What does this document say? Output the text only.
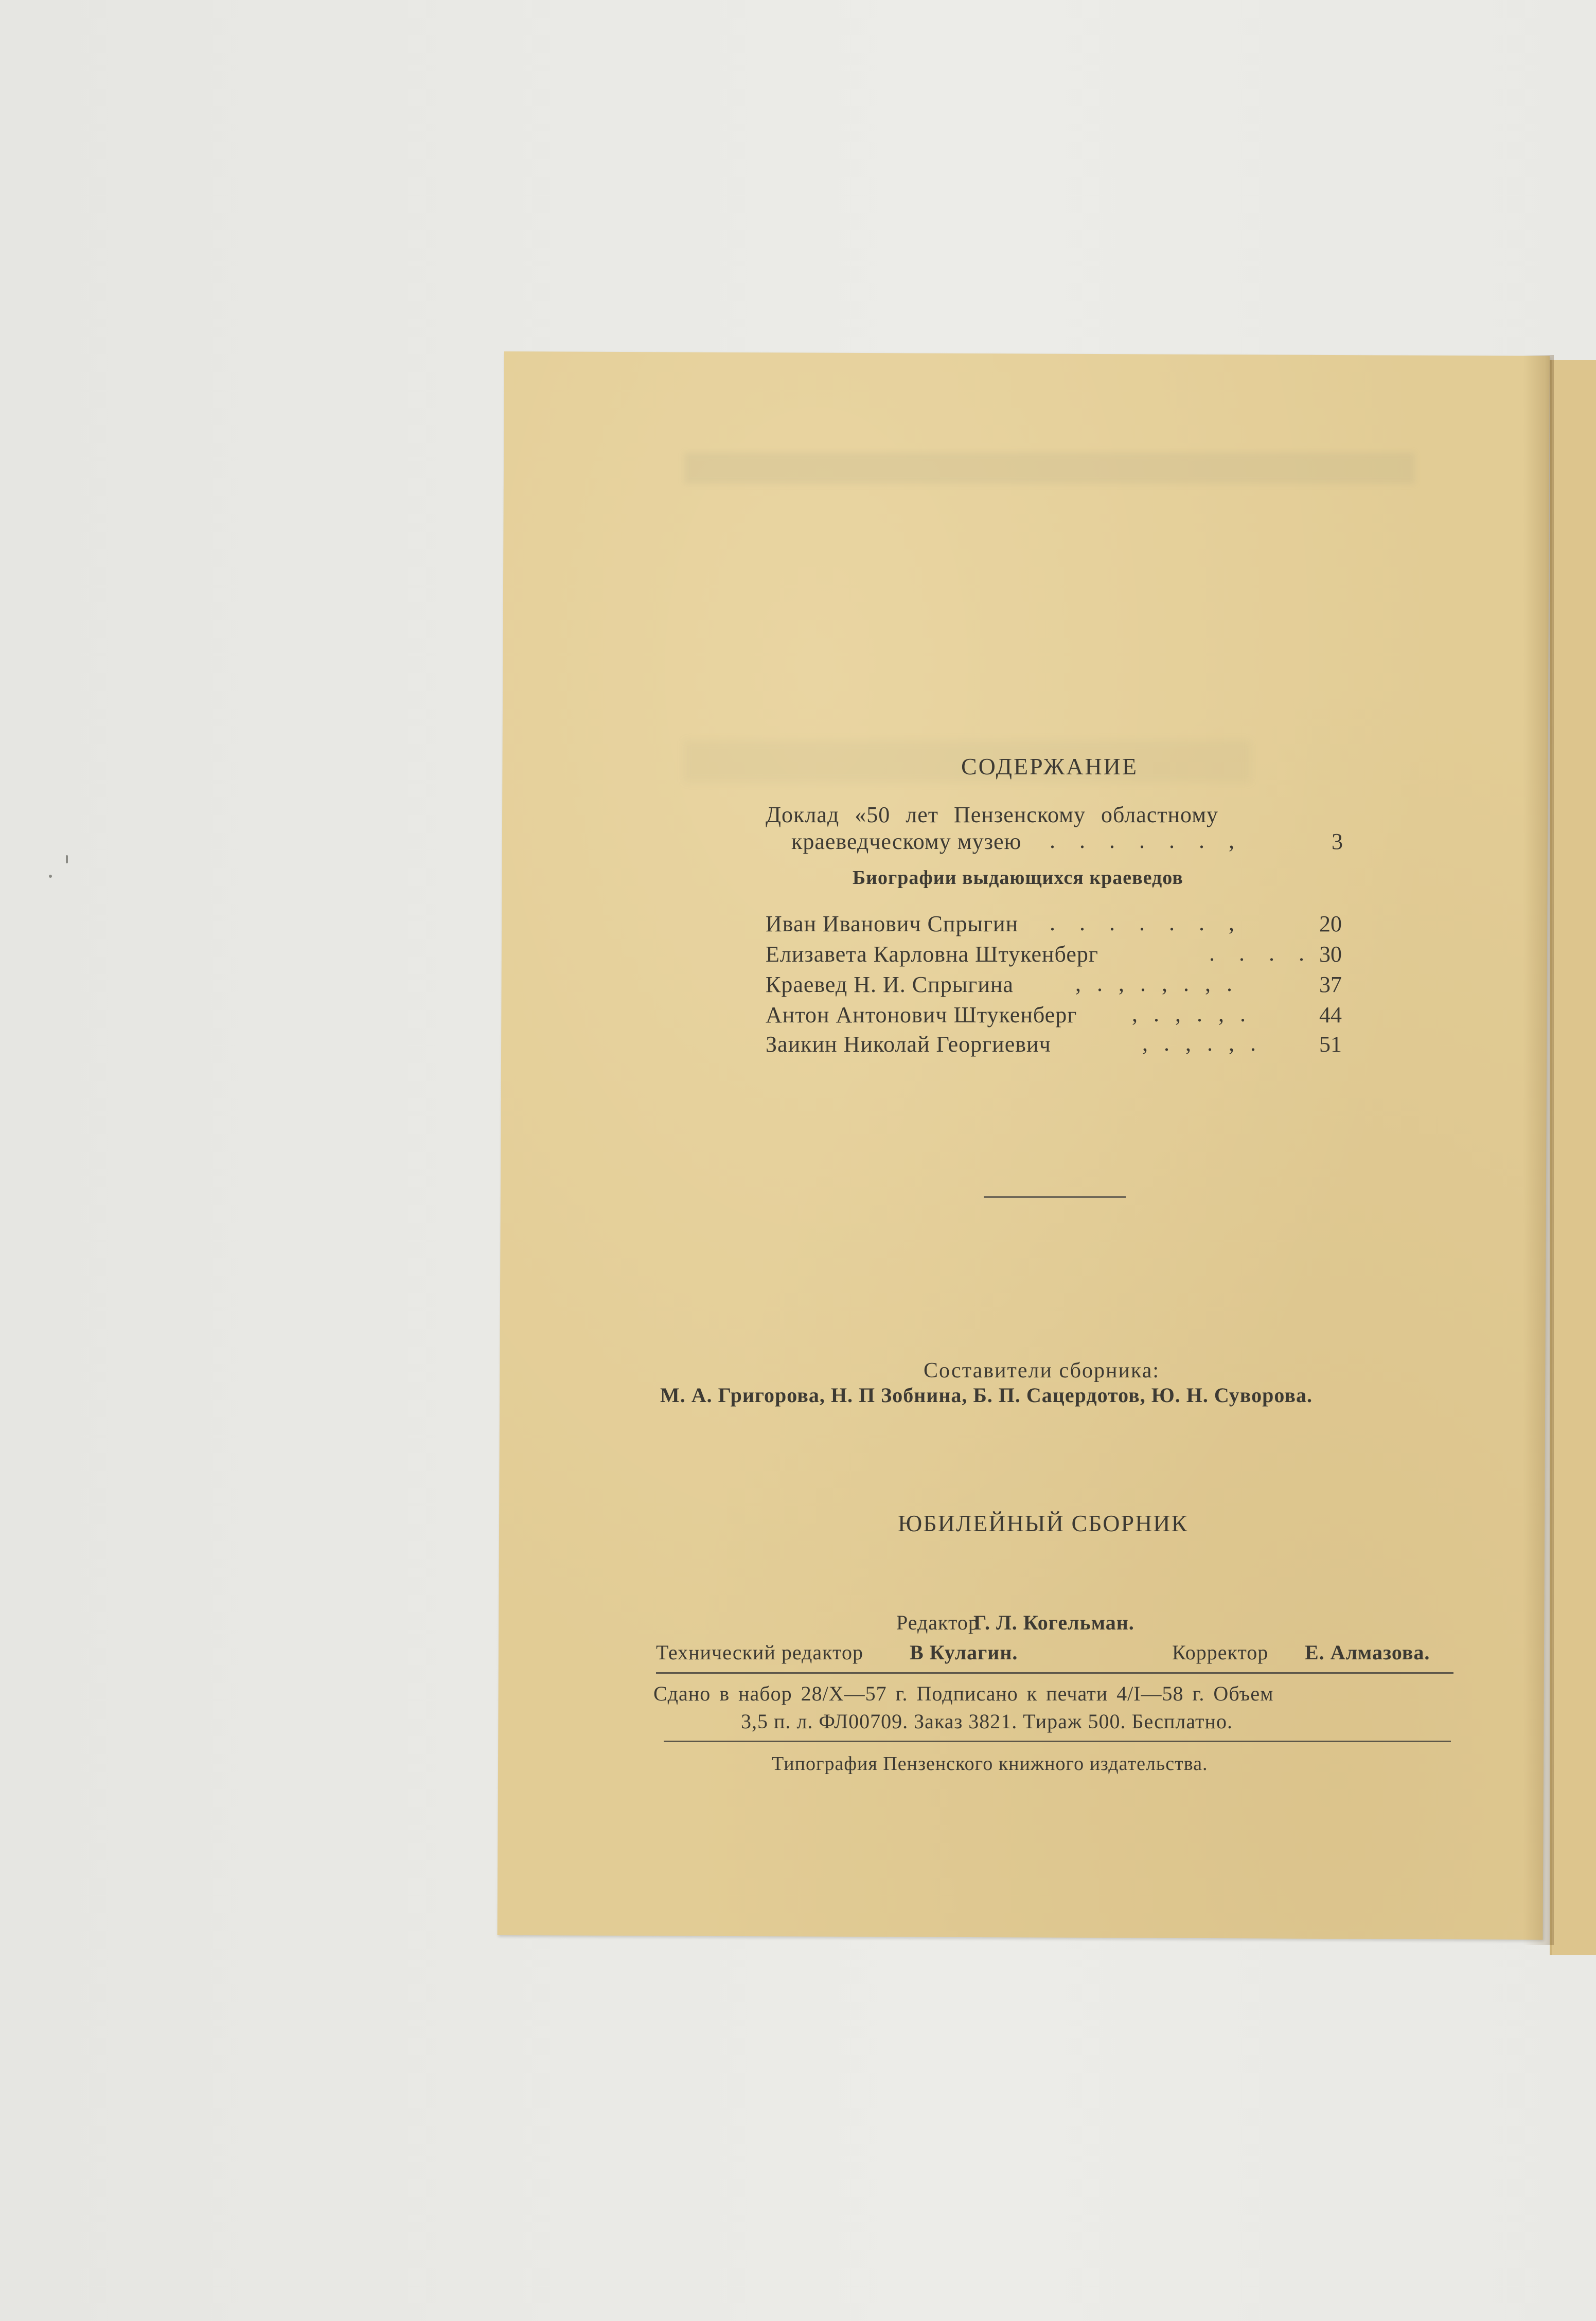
СОДЕРЖАНИЕ
Доклад «50 лет Пензенскому областному
краеведческому музею . . . . . . ,	3
Биографии выдающихся краеведов
Иван Иванович Спрыгин . . . . . . ,	20
Елизавета Карловна Штукенберг	. . . . 30
Краевед Н. И. Спрыгина	, . , . , . , .	37
Антон Антонович Штукенберг , . , . , .	44
Заикин Николай Георгиевич	, . , . , .	51
Составители сборника:
М. А. Григорова, Н. П Зобнина, Б. П. Сацердотов, Ю. Н. Суворова.
ЮБИЛЕЙНЫЙ СБОРНИК
Редактор
Г. Л. Когельман.
Технический редактор В Кулагин.	Корректор Е. Алмазова.
Сдано в набор 28/X—57 г. Подписано к печати 4/I—58 г. Объем
3,5 п. л. ФЛ00709. Заказ 3821. Тираж 500. Бесплатно.
Типография Пензенского книжного издательства.
